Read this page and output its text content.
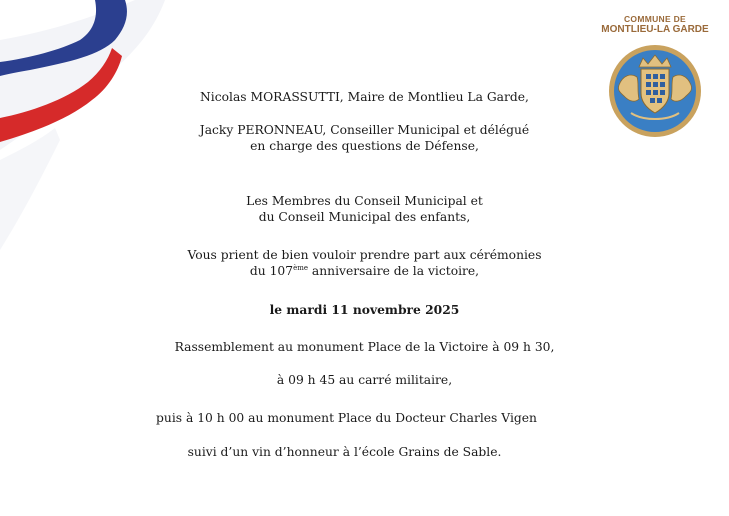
COMMUNE DE
MONTLIEU-LA GARDE
Nicolas MORASSUTTI, Maire de Montlieu La Garde,
Jacky PERONNEAU, Conseiller Municipal et délégué
en charge des questions de Défense,
Les Membres du Conseil Municipal et
du Conseil Municipal des enfants,
Vous prient de bien vouloir prendre part aux cérémonies
du 107ème anniversaire de la victoire,
le mardi 11 novembre 2025
Rassemblement au monument Place de la Victoire à 09 h 30,
à 09 h 45 au carré militaire,
puis à 10 h 00 au monument Place du Docteur Charles Vigen
suivi d’un vin d’honneur à l’école Grains de Sable.
